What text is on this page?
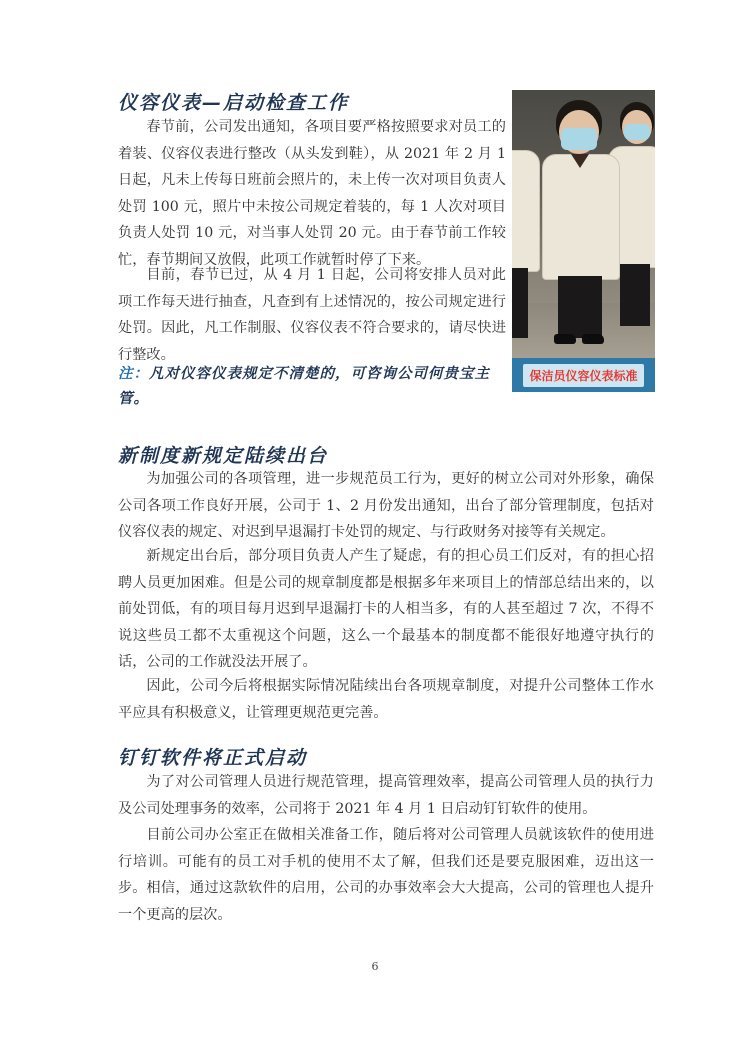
仪容仪表—启动检查工作

春节前，公司发出通知，各项目要严格按照要求对员工的着装、仪容仪表进行整改（从头发到鞋），从 2021 年 2 月 1 日起，凡未上传每日班前会照片的，未上传一次对项目负责人处罚 100 元，照片中未按公司规定着装的，每 1 人次对项目负责人处罚 10 元，对当事人处罚 20 元。由于春节前工作较忙，春节期间又放假，此项工作就暂时停了下来。

目前，春节已过，从 4 月 1 日起，公司将安排人员对此项工作每天进行抽查，凡查到有上述情况的，按公司规定进行处罚。因此，凡工作制服、仪容仪表不符合要求的，请尽快进行整改。

注：凡对仪容仪表规定不清楚的，可咨询公司何贵宝主管。
保洁员仪容仪表标准
新制度新规定陆续出台

为加强公司的各项管理，进一步规范员工行为，更好的树立公司对外形象，确保公司各项工作良好开展，公司于 1、2 月份发出通知，出台了部分管理制度，包括对仪容仪表的规定、对迟到早退漏打卡处罚的规定、与行政财务对接等有关规定。

新规定出台后，部分项目负责人产生了疑虑，有的担心员工们反对，有的担心招聘人员更加困难。但是公司的规章制度都是根据多年来项目上的情部总结出来的，以前处罚低，有的项目每月迟到早退漏打卡的人相当多，有的人甚至超过 7 次，不得不说这些员工都不太重视这个问题，这么一个最基本的制度都不能很好地遵守执行的话，公司的工作就没法开展了。

因此，公司今后将根据实际情况陆续出台各项规章制度，对提升公司整体工作水平应具有积极意义，让管理更规范更完善。

钉钉软件将正式启动

为了对公司管理人员进行规范管理，提高管理效率，提高公司管理人员的执行力及公司处理事务的效率，公司将于 2021 年 4 月 1 日启动钉钉软件的使用。

目前公司办公室正在做相关准备工作，随后将对公司管理人员就该软件的使用进行培训。可能有的员工对手机的使用不太了解，但我们还是要克服困难，迈出这一步。 相信，通过这款软件的启用，公司的办事效率会大大提高，公司的管理也人提升一个更高的层次。

6
